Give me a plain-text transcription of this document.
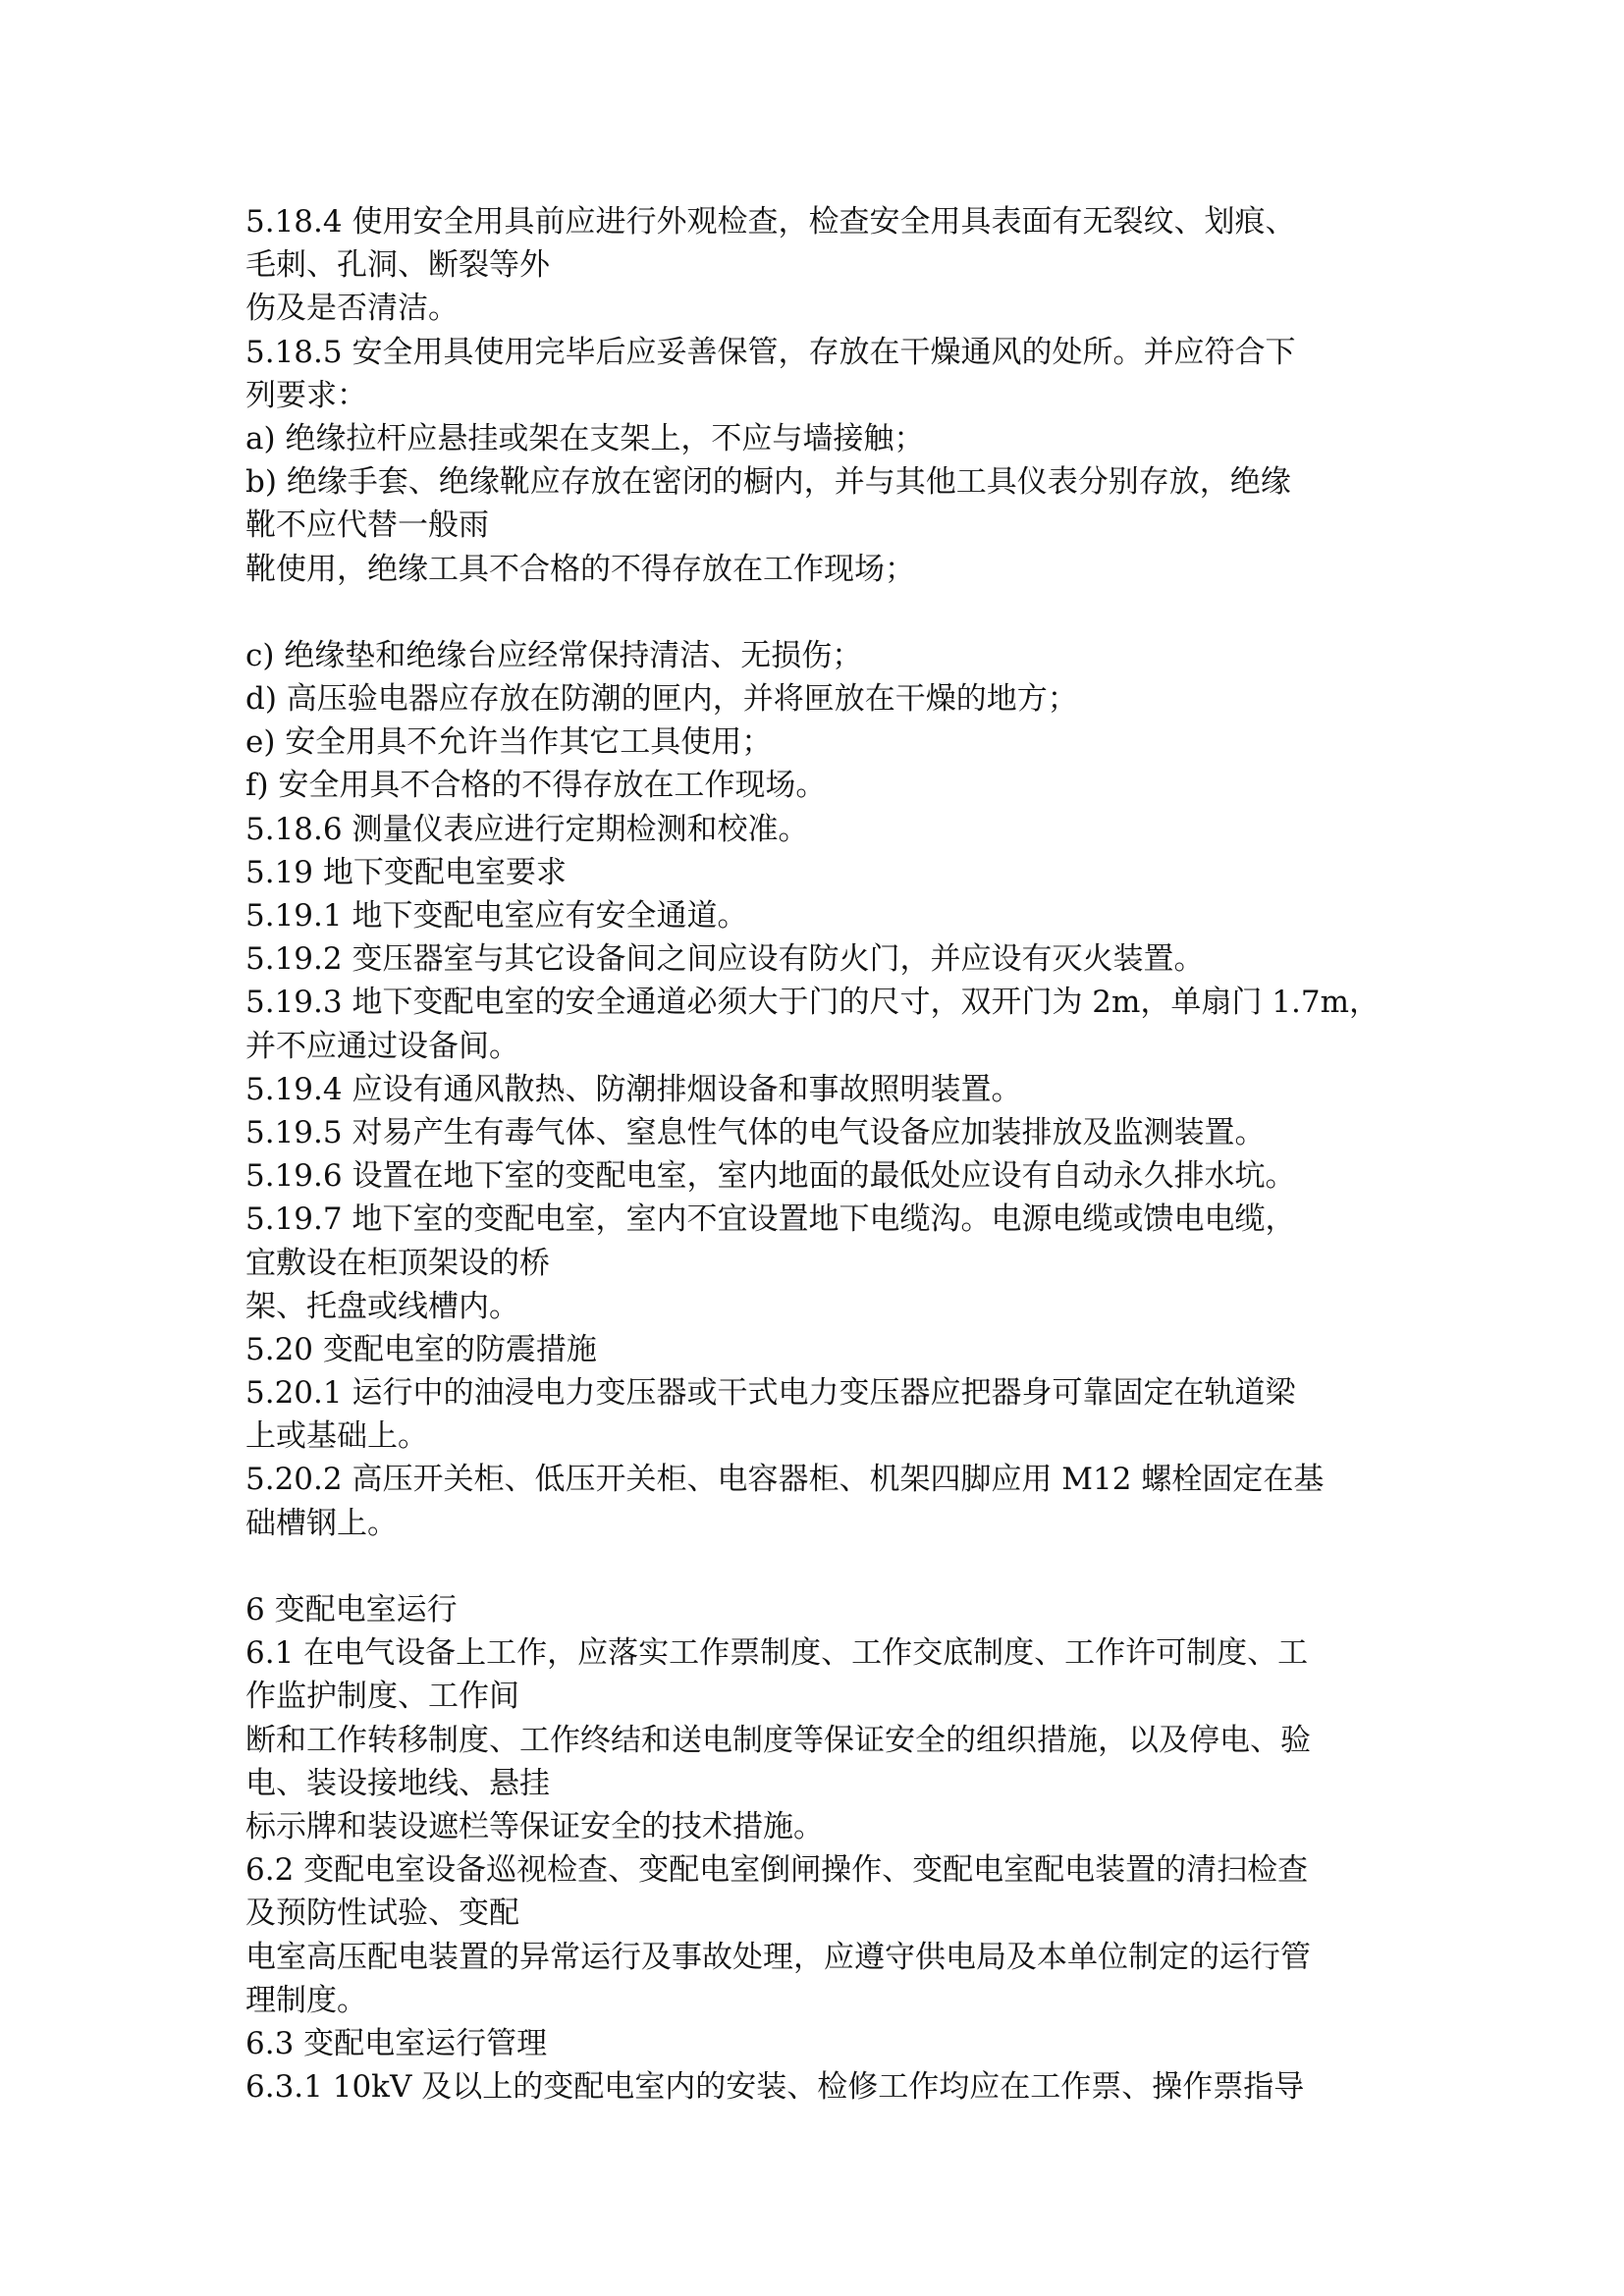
5.18.4 使用安全用具前应进行外观检查，检查安全用具表面有无裂纹、划痕、
毛刺、孔洞、断裂等外
伤及是否清洁。
5.18.5 安全用具使用完毕后应妥善保管，存放在干燥通风的处所。并应符合下
列要求：
a) 绝缘拉杆应悬挂或架在支架上，不应与墙接触；
b) 绝缘手套、绝缘靴应存放在密闭的橱内，并与其他工具仪表分别存放，绝缘
靴不应代替一般雨
靴使用，绝缘工具不合格的不得存放在工作现场；
c) 绝缘垫和绝缘台应经常保持清洁、无损伤；
d) 高压验电器应存放在防潮的匣内，并将匣放在干燥的地方；
e) 安全用具不允许当作其它工具使用；
f) 安全用具不合格的不得存放在工作现场。
5.18.6 测量仪表应进行定期检测和校准。
5.19 地下变配电室要求
5.19.1 地下变配电室应有安全通道。
5.19.2 变压器室与其它设备间之间应设有防火门，并应设有灭火装置。
5.19.3 地下变配电室的安全通道必须大于门的尺寸，双开门为 2m，单扇门 1.7m，
并不应通过设备间。
5.19.4 应设有通风散热、防潮排烟设备和事故照明装置。
5.19.5 对易产生有毒气体、窒息性气体的电气设备应加装排放及监测装置。
5.19.6 设置在地下室的变配电室，室内地面的最低处应设有自动永久排水坑。
5.19.7 地下室的变配电室，室内不宜设置地下电缆沟。电源电缆或馈电电缆，
宜敷设在柜顶架设的桥
架、托盘或线槽内。
5.20 变配电室的防震措施
5.20.1 运行中的油浸电力变压器或干式电力变压器应把器身可靠固定在轨道梁
上或基础上。
5.20.2 高压开关柜、低压开关柜、电容器柜、机架四脚应用 M12 螺栓固定在基
础槽钢上。
6 变配电室运行
6.1 在电气设备上工作，应落实工作票制度、工作交底制度、工作许可制度、工
作监护制度、工作间
断和工作转移制度、工作终结和送电制度等保证安全的组织措施，以及停电、验
电、装设接地线、悬挂
标示牌和装设遮栏等保证安全的技术措施。
6.2 变配电室设备巡视检查、变配电室倒闸操作、变配电室配电装置的清扫检查
及预防性试验、变配
电室高压配电装置的异常运行及事故处理，应遵守供电局及本单位制定的运行管
理制度。
6.3 变配电室运行管理
6.3.1 10kV 及以上的变配电室内的安装、检修工作均应在工作票、操作票指导
